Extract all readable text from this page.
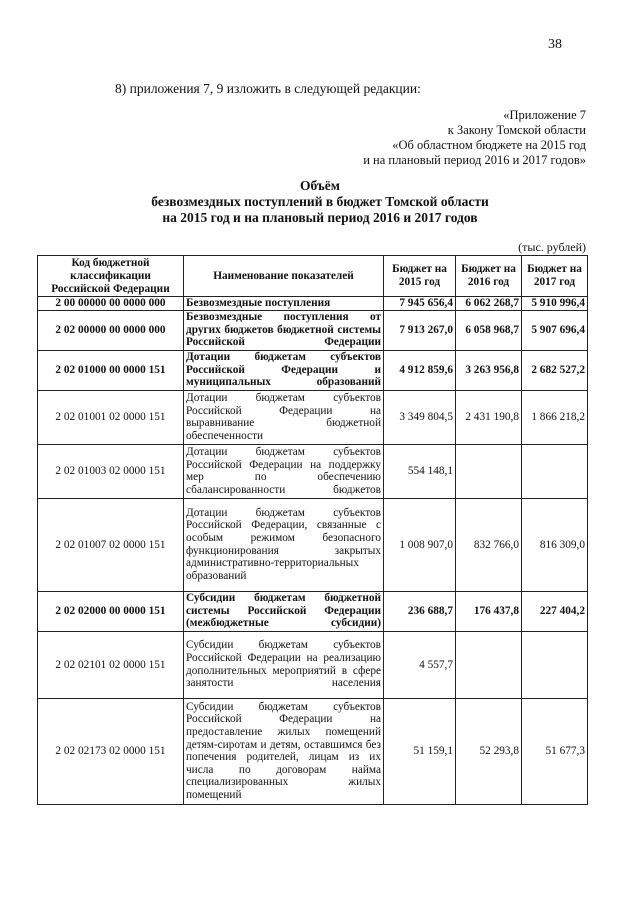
38
8) приложения 7, 9 изложить в следующей редакции:
«Приложение 7
к Закону Томской области
«Об областном бюджете на 2015 год
и на плановый период 2016 и 2017 годов»
Объём
безвозмездных поступлений в бюджет Томской области
на 2015 год и на плановый период 2016 и 2017 годов
(тыс. рублей)
Код бюджетной классификации Российской Федерации	Наименование показателей	Бюджет на 2015 год	Бюджет на 2016 год	Бюджет на 2017 год
2 00 00000 00 0000 000	Безвозмездные поступления	7 945 656,4	6 062 268,7	5 910 996,4
2 02 00000 00 0000 000	Безвозмездные поступления от других бюджетов бюджетной системы Российской Федерации	7 913 267,0	6 058 968,7	5 907 696,4
2 02 01000 00 0000 151	Дотации бюджетам субъектов Российской Федерации и муниципальных образований	4 912 859,6	3 263 956,8	2 682 527,2
2 02 01001 02 0000 151	Дотации бюджетам субъектов Российской Федерации на выравнивание бюджетной обеспеченности	3 349 804,5	2 431 190,8	1 866 218,2
2 02 01003 02 0000 151	Дотации бюджетам субъектов Российской Федерации на поддержку мер по обеспечению сбалансированности бюджетов	554 148,1		
2 02 01007 02 0000 151	Дотации бюджетам субъектов Российской Федерации, связанные с особым режимом безопасного функционирования закрытых административно-территориальных образований	1 008 907,0	832 766,0	816 309,0
2 02 02000 00 0000 151	Субсидии бюджетам бюджетной системы Российской Федерации (межбюджетные субсидии)	236 688,7	176 437,8	227 404,2
2 02 02101 02 0000 151	Субсидии бюджетам субъектов Российской Федерации на реализацию дополнительных мероприятий в сфере занятости населения	4 557,7		
2 02 02173 02 0000 151	Субсидии бюджетам субъектов Российской Федерации на предоставление жилых помещений детям-сиротам и детям, оставшимся без попечения родителей, лицам из их числа по договорам найма специализированных жилых помещений	51 159,1	52 293,8	51 677,3
